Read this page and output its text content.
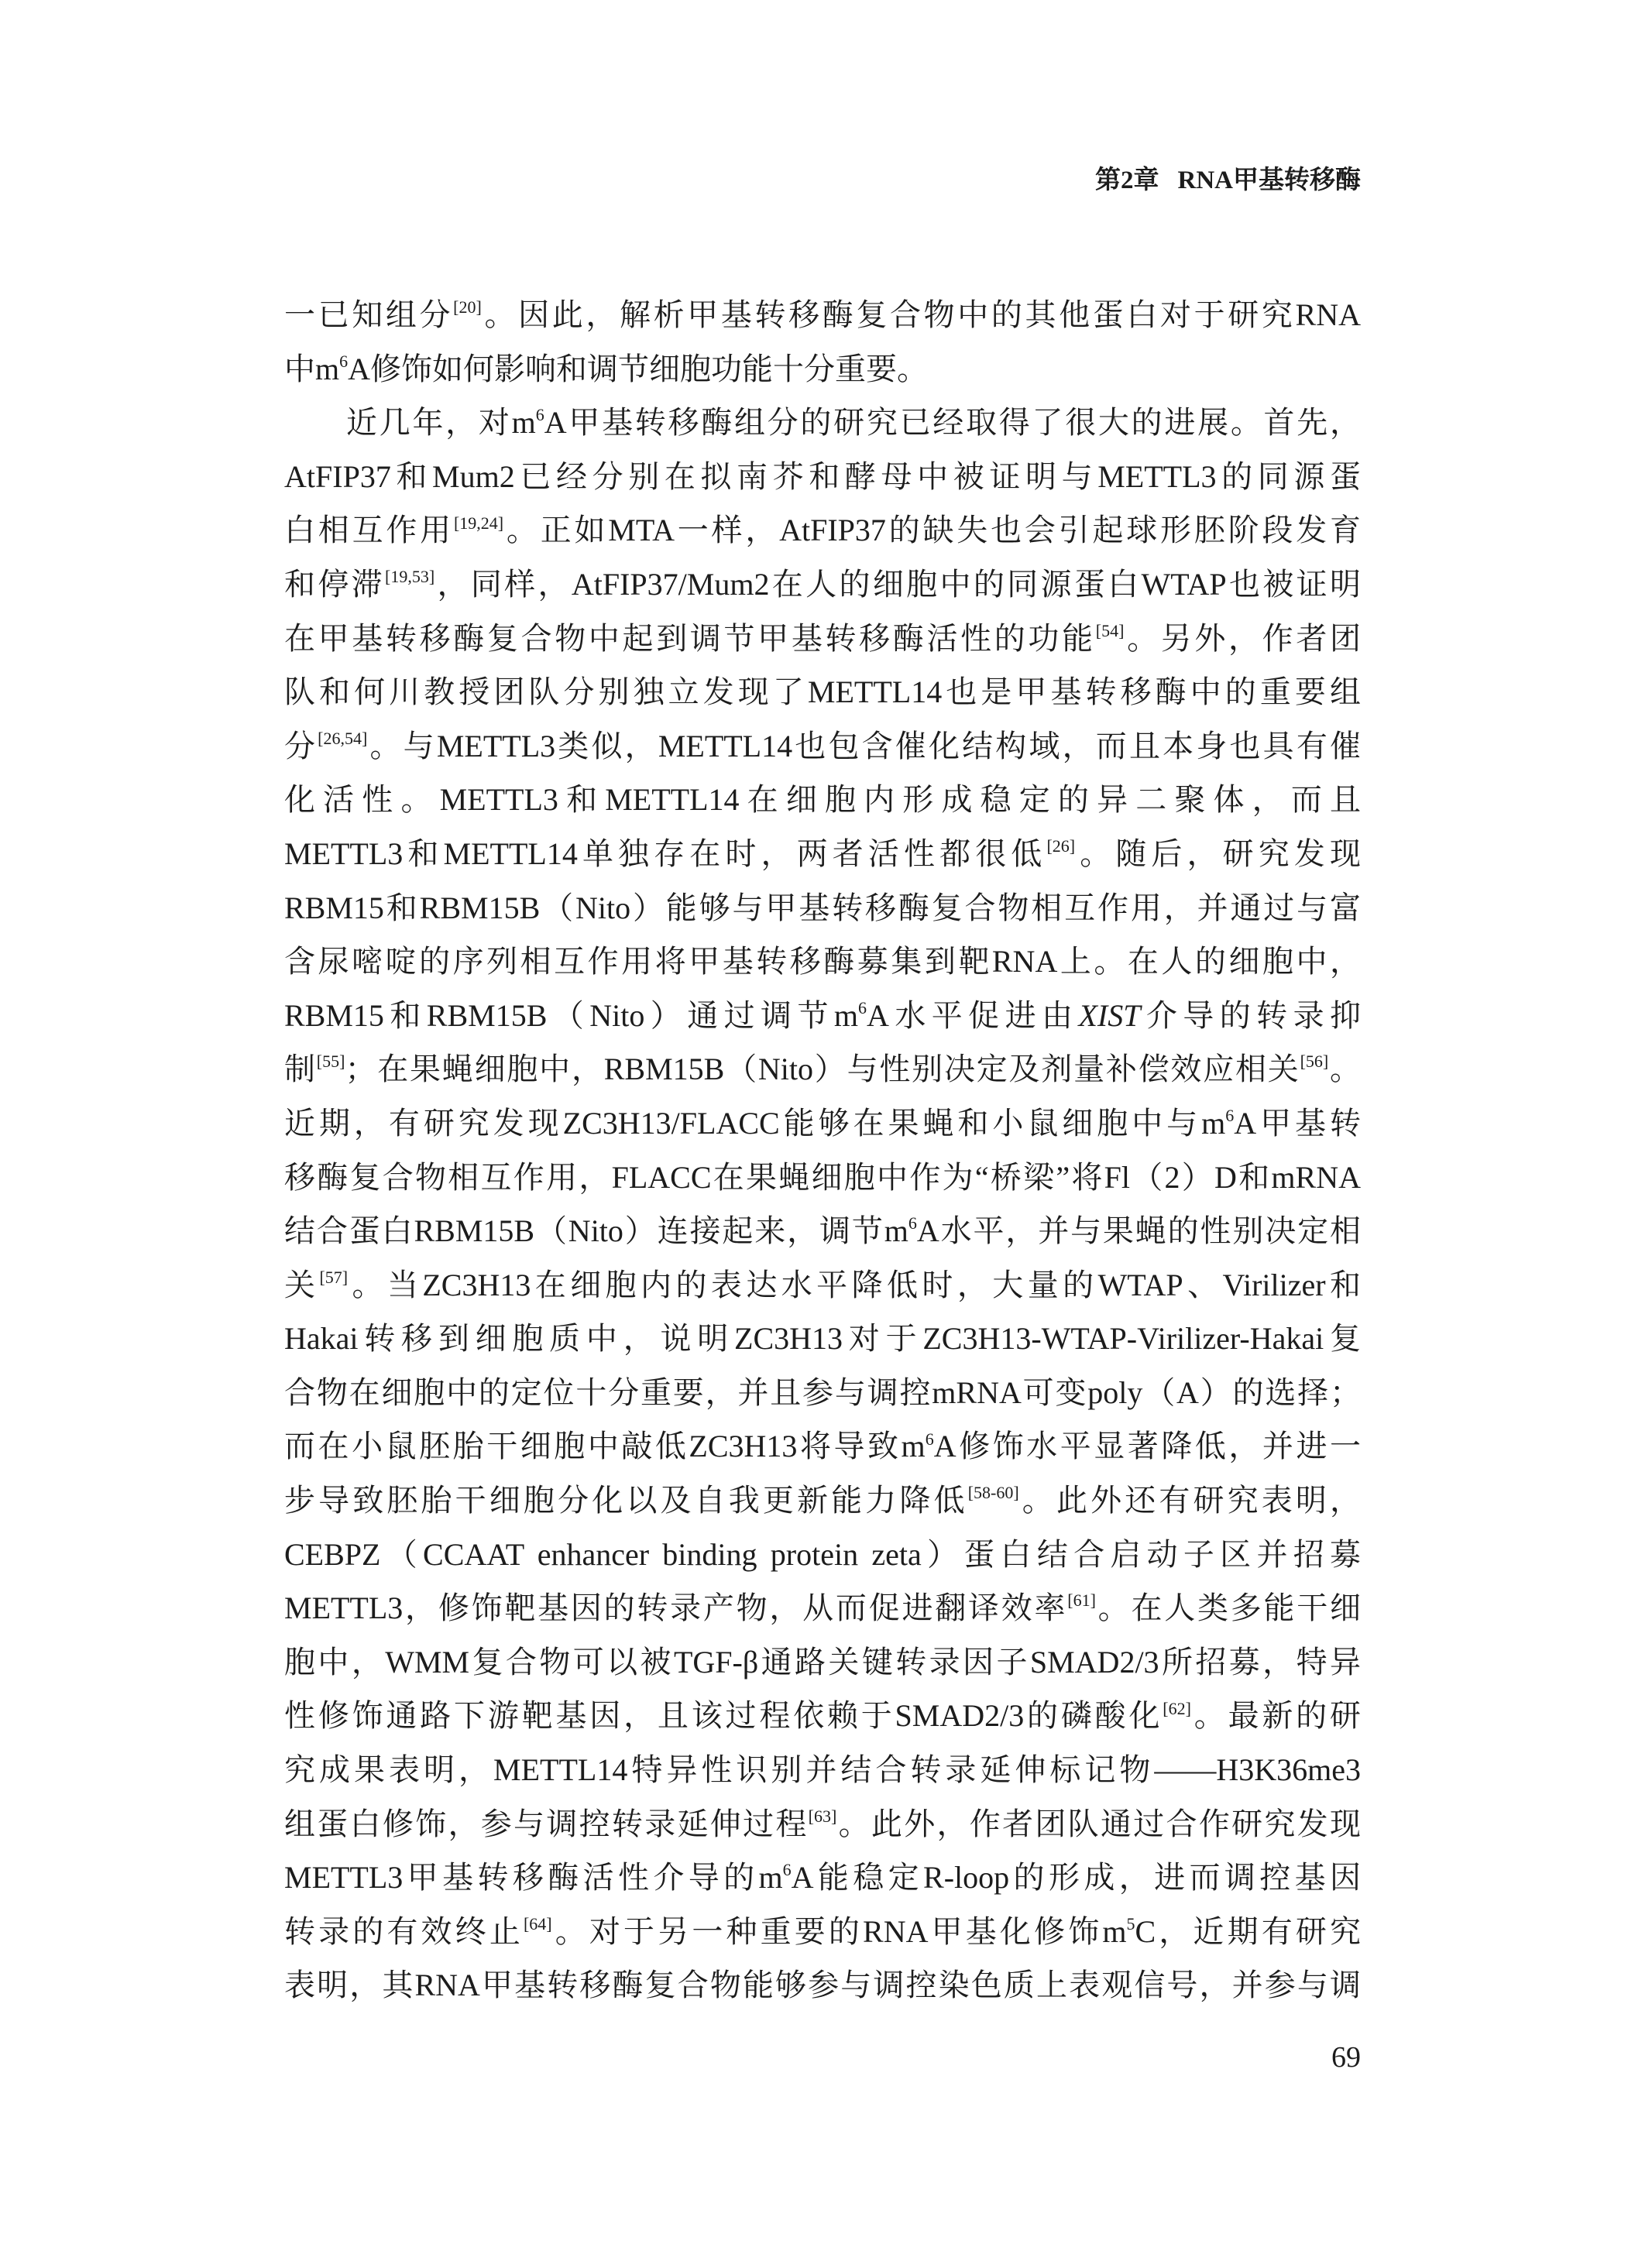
第2章 RNA甲基转移酶
一已知组分[20]。因此，解析甲基转移酶复合物中的其他蛋白对于研究RNA
中$m^6A$修饰如何影响和调节细胞功能十分重要。
近几年，对$m^6A$甲基转移酶组分的研究已经取得了很大的进展。首先，
AtFIP37和Mum2已经分别在拟南芥和酵母中被证明与METTL3的同源蛋
白相互作用[19,24]。正如MTA一样，AtFIP37的缺失也会引起球形胚阶段发育
和停滞[19,53]，同样，AtFIP37/Mum2在人的细胞中的同源蛋白WTAP也被证明
在甲基转移酶复合物中起到调节甲基转移酶活性的功能[54]。另外，作者团
队和何川教授团队分别独立发现了METTL14也是甲基转移酶中的重要组
分[26,54]。与METTL3类似，METTL14也包含催化结构域，而且本身也具有催
化活性。METTL3和METTL14在细胞内形成稳定的异二聚体，而且
METTL3和METTL14单独存在时，两者活性都很低[26]。随后，研究发现
RBM15和RBM15B（Nito）能够与甲基转移酶复合物相互作用，并通过与富
含尿嘧啶的序列相互作用将甲基转移酶募集到靶RNA上。在人的细胞中，
RBM15和RBM15B（Nito）通过调节$m^6A$水平促进由XIST介导的转录抑
制[55]；在果蝇细胞中，RBM15B（Nito）与性别决定及剂量补偿效应相关[56]。
近期，有研究发现ZC3H13/FLACC能够在果蝇和小鼠细胞中与$m^6A$甲基转
移酶复合物相互作用，FLACC在果蝇细胞中作为“桥梁”将Fl（2）D和mRNA
结合蛋白RBM15B（Nito）连接起来，调节$m^6A$水平，并与果蝇的性别决定相
关[57]。当ZC3H13在细胞内的表达水平降低时，大量的WTAP、Virilizer和
Hakai转移到细胞质中，说明ZC3H13对于ZC3H13-WTAP-Virilizer-Hakai复
合物在细胞中的定位十分重要，并且参与调控mRNA可变poly（A）的选择；
而在小鼠胚胎干细胞中敲低ZC3H13将导致$m^6A$修饰水平显著降低，并进一
步导致胚胎干细胞分化以及自我更新能力降低[58-60]。此外还有研究表明，
CEBPZ（CCAAT enhancer binding protein zeta）蛋白结合启动子区并招募
METTL3，修饰靶基因的转录产物，从而促进翻译效率[61]。在人类多能干细
胞中，WMM复合物可以被TGF-β通路关键转录因子SMAD2/3所招募，特异
性修饰通路下游靶基因，且该过程依赖于SMAD2/3的磷酸化[62]。最新的研
究成果表明，METTL14特异性识别并结合转录延伸标记物——H3K36me3
组蛋白修饰，参与调控转录延伸过程[63]。此外，作者团队通过合作研究发现
METTL3甲基转移酶活性介导的$m^6A$能稳定R-loop的形成，进而调控基因
转录的有效终止[64]。对于另一种重要的RNA甲基化修饰$m^5C$，近期有研究
表明，其RNA甲基转移酶复合物能够参与调控染色质上表观信号，并参与调
69
